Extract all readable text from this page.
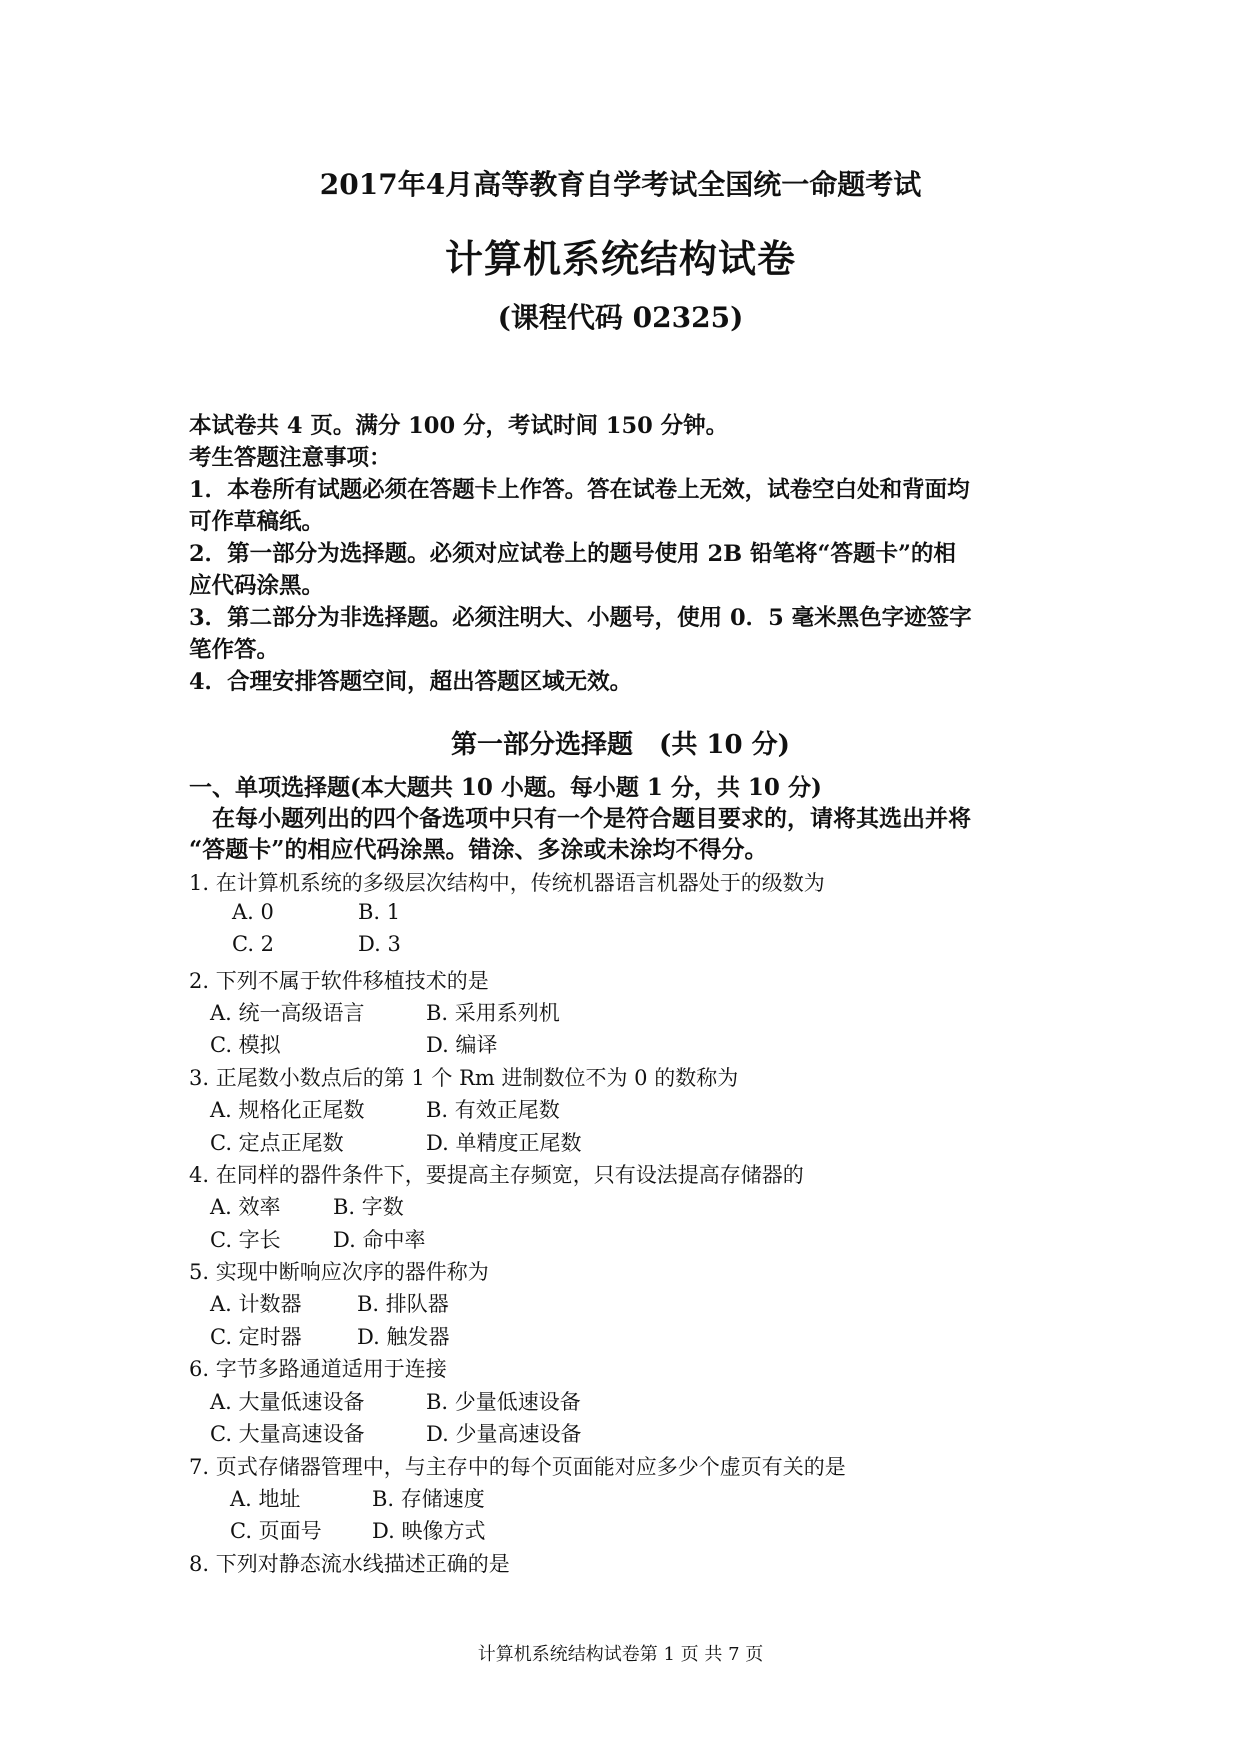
2017年4月高等教育自学考试全国统一命题考试
计算机系统结构试卷
(课程代码 02325)
本试卷共 4 页。满分 100 分，考试时间 150 分钟。
考生答题注意事项：
1．本卷所有试题必须在答题卡上作答。答在试卷上无效，试卷空白处和背面均
可作草稿纸。
2．第一部分为选择题。必须对应试卷上的题号使用 2B 铅笔将“答题卡”的相
应代码涂黑。
3．第二部分为非选择题。必须注明大、小题号，使用 0．5 毫米黑色字迹签字
笔作答。
4．合理安排答题空间，超出答题区域无效。
第一部分选择题　(共 10 分)
一、单项选择题(本大题共 10 小题。每小题 1 分，共 10 分)
　在每小题列出的四个备选项中只有一个是符合题目要求的，请将其选出并将
“答题卡”的相应代码涂黑。错涂、多涂或未涂均不得分。
1. 在计算机系统的多级层次结构中，传统机器语言机器处于的级数为
A. 0	B. 1
C. 2	D. 3
2. 下列不属于软件移植技术的是
A. 统一高级语言	B. 采用系列机
C. 模拟	D. 编译
3. 正尾数小数点后的第 1 个 Rm 进制数位不为 0 的数称为
A. 规格化正尾数	B. 有效正尾数
C. 定点正尾数	D. 单精度正尾数
4. 在同样的器件条件下，要提高主存频宽，只有设法提高存储器的
A. 效率 B. 字数
C. 字长 D. 命中率
5. 实现中断响应次序的器件称为
A. 计数器	B. 排队器
C. 定时器	D. 触发器
6. 字节多路通道适用于连接
A. 大量低速设备	B. 少量低速设备
C. 大量高速设备	D. 少量高速设备
7. 页式存储器管理中，与主存中的每个页面能对应多少个虚页有关的是
A. 地址	B. 存储速度
C. 页面号 D. 映像方式
8. 下列对静态流水线描述正确的是
计算机系统结构试卷第 1 页 共 7 页
